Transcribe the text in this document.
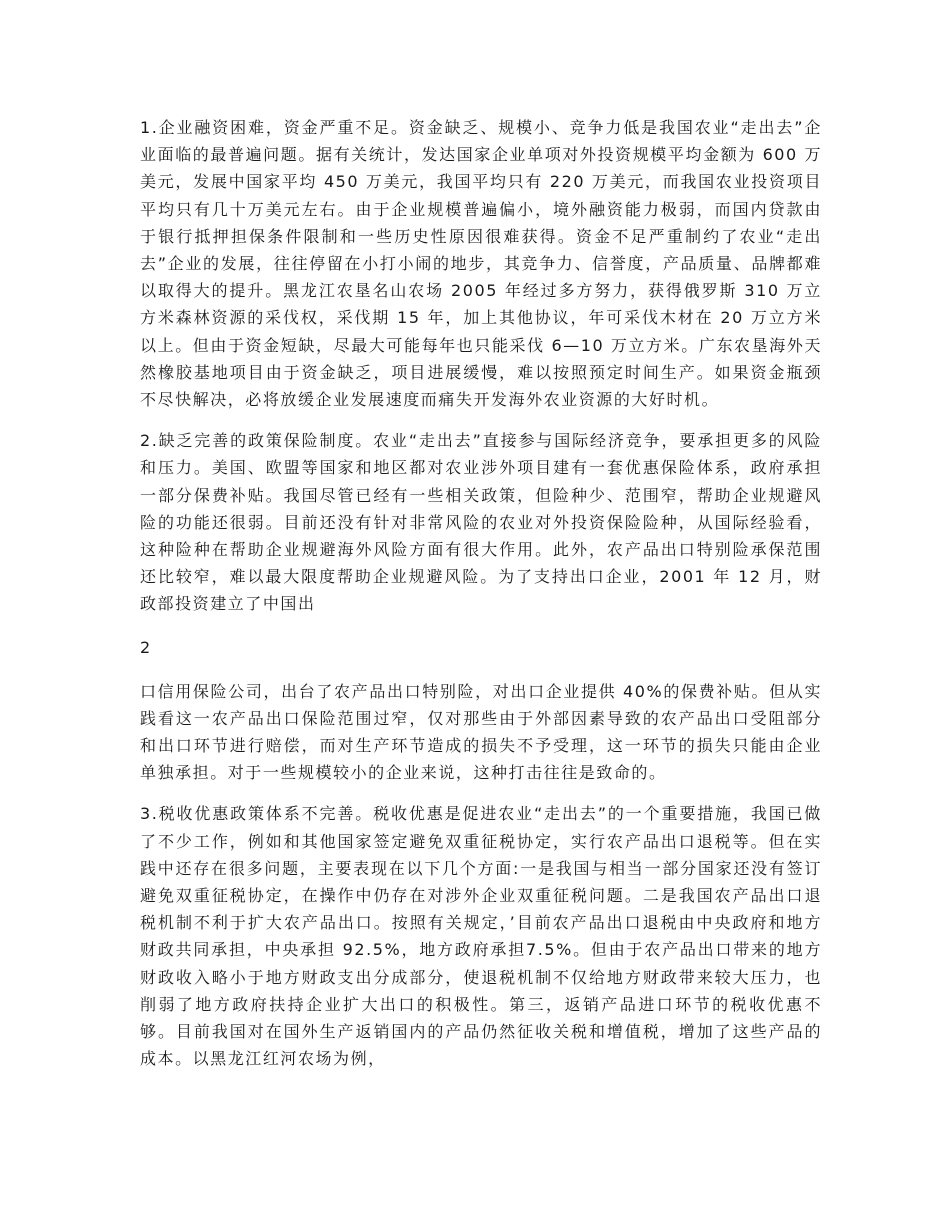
1.企业融资困难，资金严重不足。资金缺乏、规模小、竞争力低是我国农业“走出去”企业面临的最普遍问题。据有关统计，发达国家企业单项对外投资规模平均金额为 600 万美元，发展中国家平均 450 万美元，我国平均只有 220 万美元，而我国农业投资项目平均只有几十万美元左右。由于企业规模普遍偏小，境外融资能力极弱，而国内贷款由于银行抵押担保条件限制和一些历史性原因很难获得。资金不足严重制约了农业“走出去”企业的发展，往往停留在小打小闹的地步，其竞争力、信誉度，产品质量、品牌都难以取得大的提升。黑龙江农垦名山农场 2005 年经过多方努力，获得俄罗斯 310 万立方米森林资源的采伐权，采伐期 15 年，加上其他协议，年可采伐木材在 20 万立方米以上。但由于资金短缺，尽最大可能每年也只能采伐 6—10 万立方米。广东农垦海外天然橡胶基地项目由于资金缺乏，项目进展缓慢，难以按照预定时间生产。如果资金瓶颈不尽快解决，必将放缓企业发展速度而痛失开发海外农业资源的大好时机。

2.缺乏完善的政策保险制度。农业“走出去”直接参与国际经济竞争，要承担更多的风险和压力。美国、欧盟等国家和地区都对农业涉外项目建有一套优惠保险体系，政府承担一部分保费补贴。我国尽管已经有一些相关政策，但险种少、范围窄，帮助企业规避风险的功能还很弱。目前还没有针对非常风险的农业对外投资保险险种，从国际经验看，这种险种在帮助企业规避海外风险方面有很大作用。此外，农产品出口特别险承保范围还比较窄，难以最大限度帮助企业规避风险。为了支持出口企业，2001 年 12 月，财政部投资建立了中国出

2

口信用保险公司，出台了农产品出口特别险，对出口企业提供 40%的保费补贴。但从实践看这一农产品出口保险范围过窄，仅对那些由于外部因素导致的农产品出口受阻部分和出口环节进行赔偿，而对生产环节造成的损失不予受理，这一环节的损失只能由企业单独承担。对于一些规模较小的企业来说，这种打击往往是致命的。

3.税收优惠政策体系不完善。税收优惠是促进农业“走出去”的一个重要措施，我国已做了不少工作，例如和其他国家签定避免双重征税协定，实行农产品出口退税等。但在实践中还存在很多问题，主要表现在以下几个方面:一是我国与相当一部分国家还没有签订避免双重征税协定，在操作中仍存在对涉外企业双重征税问题。二是我国农产品出口退税机制不利于扩大农产品出口。按照有关规定，’目前农产品出口退税由中央政府和地方财政共同承担，中央承担 92.5%，地方政府承担7.5%。但由于农产品出口带来的地方财政收入略小于地方财政支出分成部分，使退税机制不仅给地方财政带来较大压力，也削弱了地方政府扶持企业扩大出口的积极性。第三，返销产品进口环节的税收优惠不够。目前我国对在国外生产返销国内的产品仍然征收关税和增值税，增加了这些产品的成本。以黑龙江红河农场为例，
